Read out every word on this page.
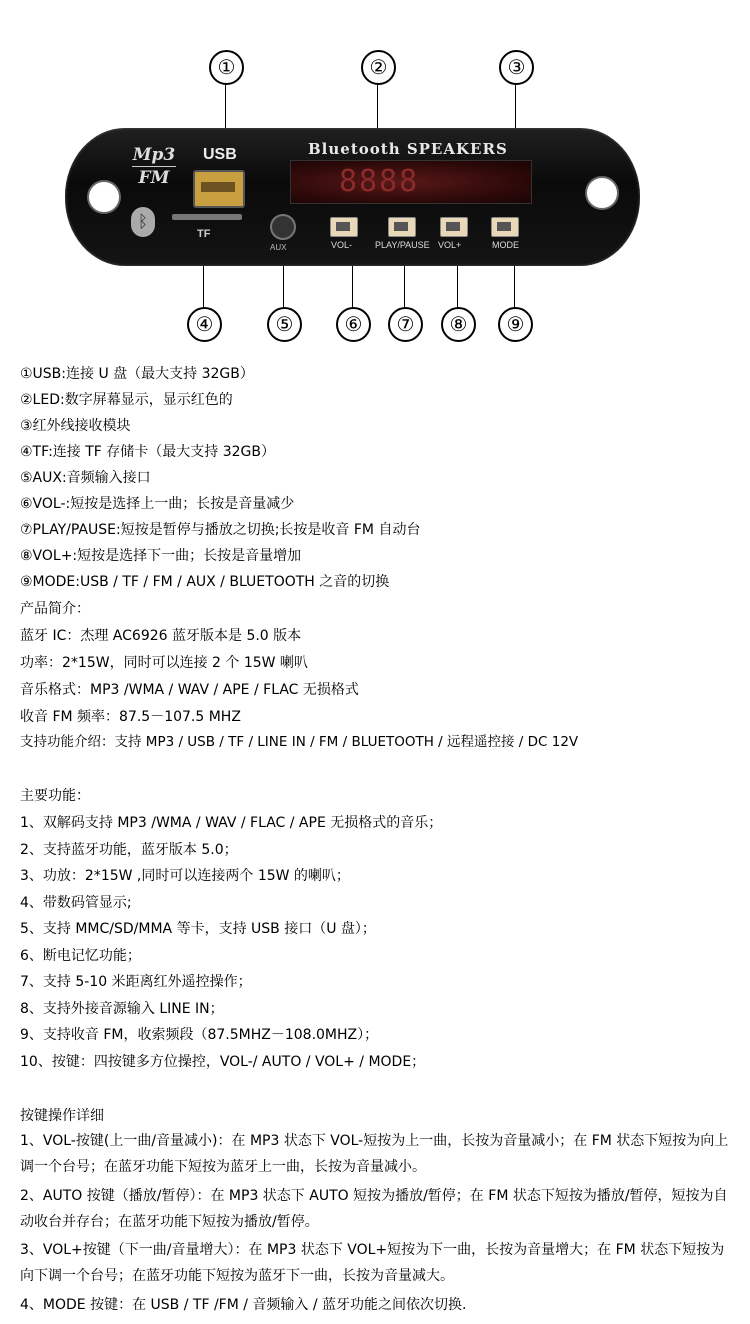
Mp3
FM
USB
ᛒ
TF
AUX
Bluetooth SPEAKERS
8888
VOL-	PLAY/PAUSE VOL+	MODE
①	②	③
④	⑤	⑥	⑦	⑧	⑨
①USB:连接 U 盘（最大支持 32GB）
②LED:数字屏幕显示，显示红色的
③红外线接收模块
④TF:连接 TF 存储卡（最大支持 32GB）
⑤AUX:音频输入接口
⑥VOL-:短按是选择上一曲；长按是音量减少
⑦PLAY/PAUSE:短按是暂停与播放之切换;长按是收音 FM 自动台
⑧VOL+:短按是选择下一曲；长按是音量增加
⑨MODE:USB / TF / FM / AUX / BLUETOOTH 之音的切换
产品简介：
蓝牙 IC：杰理 AC6926 蓝牙版本是 5.0 版本
功率：2*15W，同时可以连接 2 个 15W 喇叭
音乐格式：MP3 /WMA / WAV / APE / FLAC 无损格式
收音 FM 频率：87.5－107.5 MHZ
支持功能介绍：支持 MP3 / USB / TF / LINE IN / FM / BLUETOOTH / 远程遥控接 / DC 12V
主要功能：
1、双解码支持 MP3 /WMA / WAV / FLAC / APE 无损格式的音乐；
2、支持蓝牙功能，蓝牙版本 5.0；
3、功放：2*15W ,同时可以连接两个 15W 的喇叭；
4、带数码管显示;
5、支持 MMC/SD/MMA 等卡，支持 USB 接口（U 盘）；
6、断电记忆功能；
7、支持 5-10 米距离红外遥控操作；
8、支持外接音源输入 LINE IN；
9、支持收音 FM，收索频段（87.5MHZ－108.0MHZ）；
10、按键：四按键多方位操控，VOL-/ AUTO / VOL+ / MODE；
按键操作详细
1、VOL-按键(上一曲/音量减小)：在 MP3 状态下 VOL-短按为上一曲，长按为音量减小；在 FM 状态下短按为向上调一个台号；在蓝牙功能下短按为蓝牙上一曲，长按为音量减小。
2、AUTO 按键（播放/暂停）：在 MP3 状态下 AUTO 短按为播放/暂停；在 FM 状态下短按为播放/暂停，短按为自动收台并存台；在蓝牙功能下短按为播放/暂停。
3、VOL+按键（下一曲/音量增大）：在 MP3 状态下 VOL+短按为下一曲，长按为音量增大；在 FM 状态下短按为向下调一个台号；在蓝牙功能下短按为蓝牙下一曲，长按为音量减大。
4、MODE 按键：在 USB / TF /FM / 音频输入 / 蓝牙功能之间依次切换.
